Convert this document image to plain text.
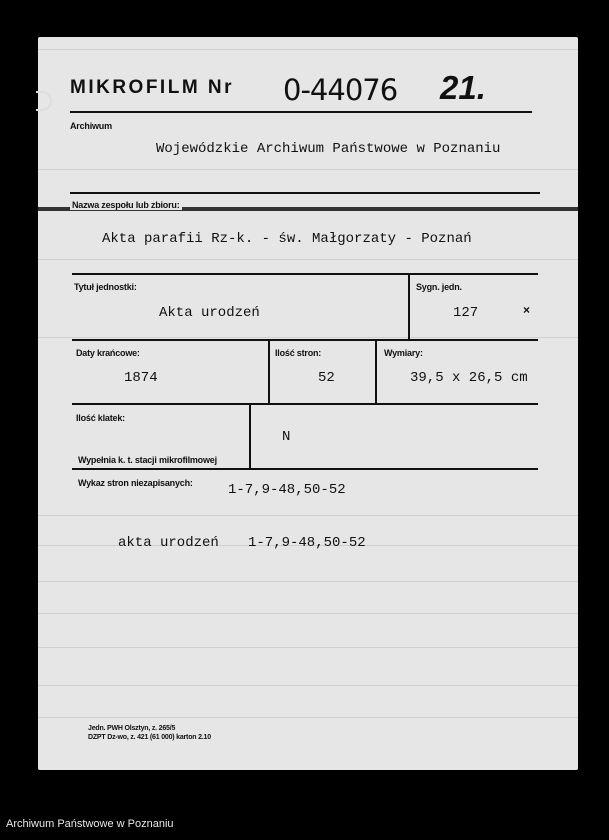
MIKROFILM Nr 0-44076 21.
Archiwum
Wojewódzkie Archiwum Państwowe w Poznaniu
Nazwa zespołu lub zbioru:
Akta parafii Rz-k. - św. Małgorzaty - Poznań
Tytuł jednostki:
Akta urodzeń
Sygn. jedn.
127	×
Daty krańcowe:
1874
Ilość stron:
52
Wymiary:
39,5 x 26,5 cm
Ilość klatek:
N
Wypełnia k. t. stacji mikrofilmowej
Wykaz stron niezapisanych:	1-7,9-48,50-52
akta urodzeń 1-7,9-48,50-52
Jedn. PWH Olsztyn, z. 265/5
DZPT Dz-wo, z. 421 (61 000) karton 2.10
Archiwum Państwowe w Poznaniu
